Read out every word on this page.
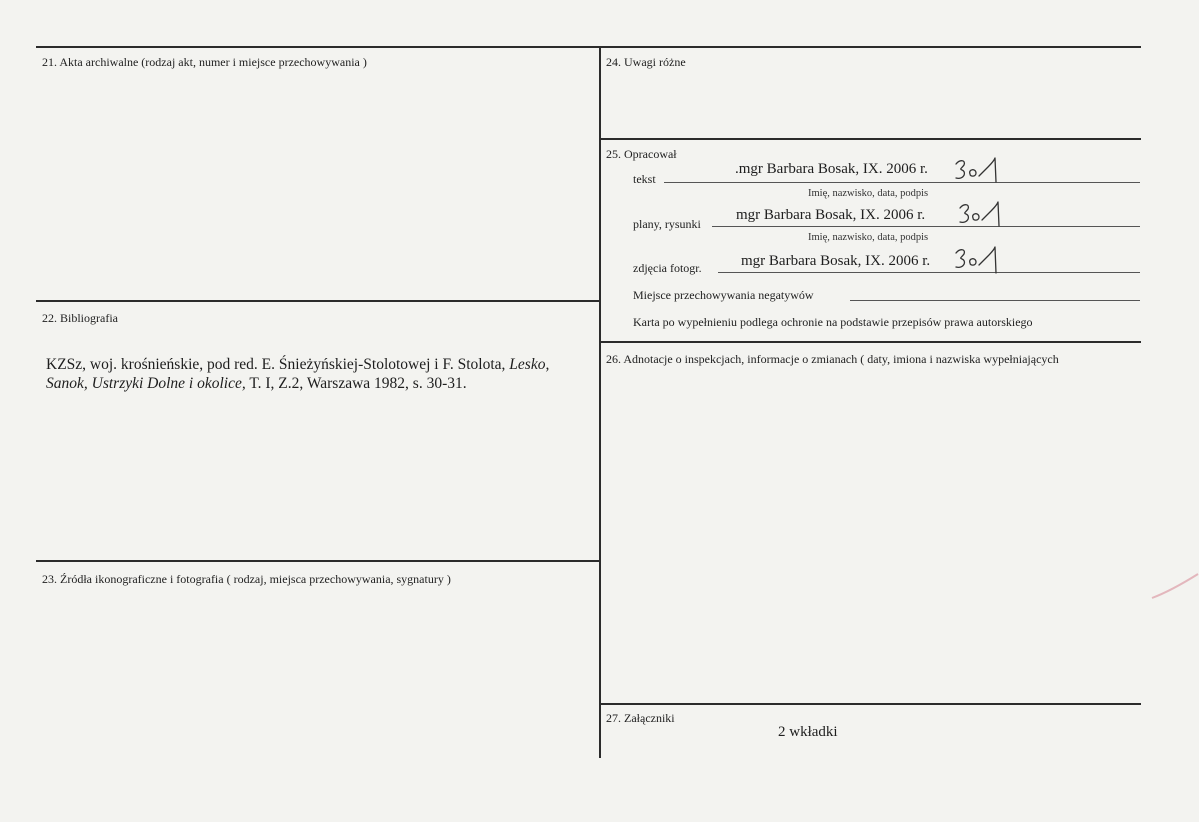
21. Akta archiwalne (rodzaj akt, numer i miejsce przechowywania )
22. Bibliografia
KZSz, woj. krośnieńskie, pod red. E. Śnieżyńskiej-Stolotowej i F. Stolota, Lesko, Sanok, Ustrzyki Dolne i okolice, T. I, Z.2, Warszawa 1982, s. 30-31.
23. Źródła ikonograficzne i fotografia ( rodzaj, miejsca przechowywania, sygnatury )
24. Uwagi różne
25. Opracował
tekst
.mgr Barbara Bosak, IX. 2006 r.
Imię, nazwisko, data, podpis
plany, rysunki
mgr Barbara Bosak, IX. 2006 r.
Imię, nazwisko, data, podpis
zdjęcia fotogr.	mgr Barbara Bosak, IX. 2006 r.
Miejsce przechowywania negatywów
Karta po wypełnieniu podlega ochronie na podstawie przepisów prawa autorskiego
26. Adnotacje o inspekcjach, informacje o zmianach ( daty, imiona i nazwiska wypełniających
27. Załączniki
2 wkładki
